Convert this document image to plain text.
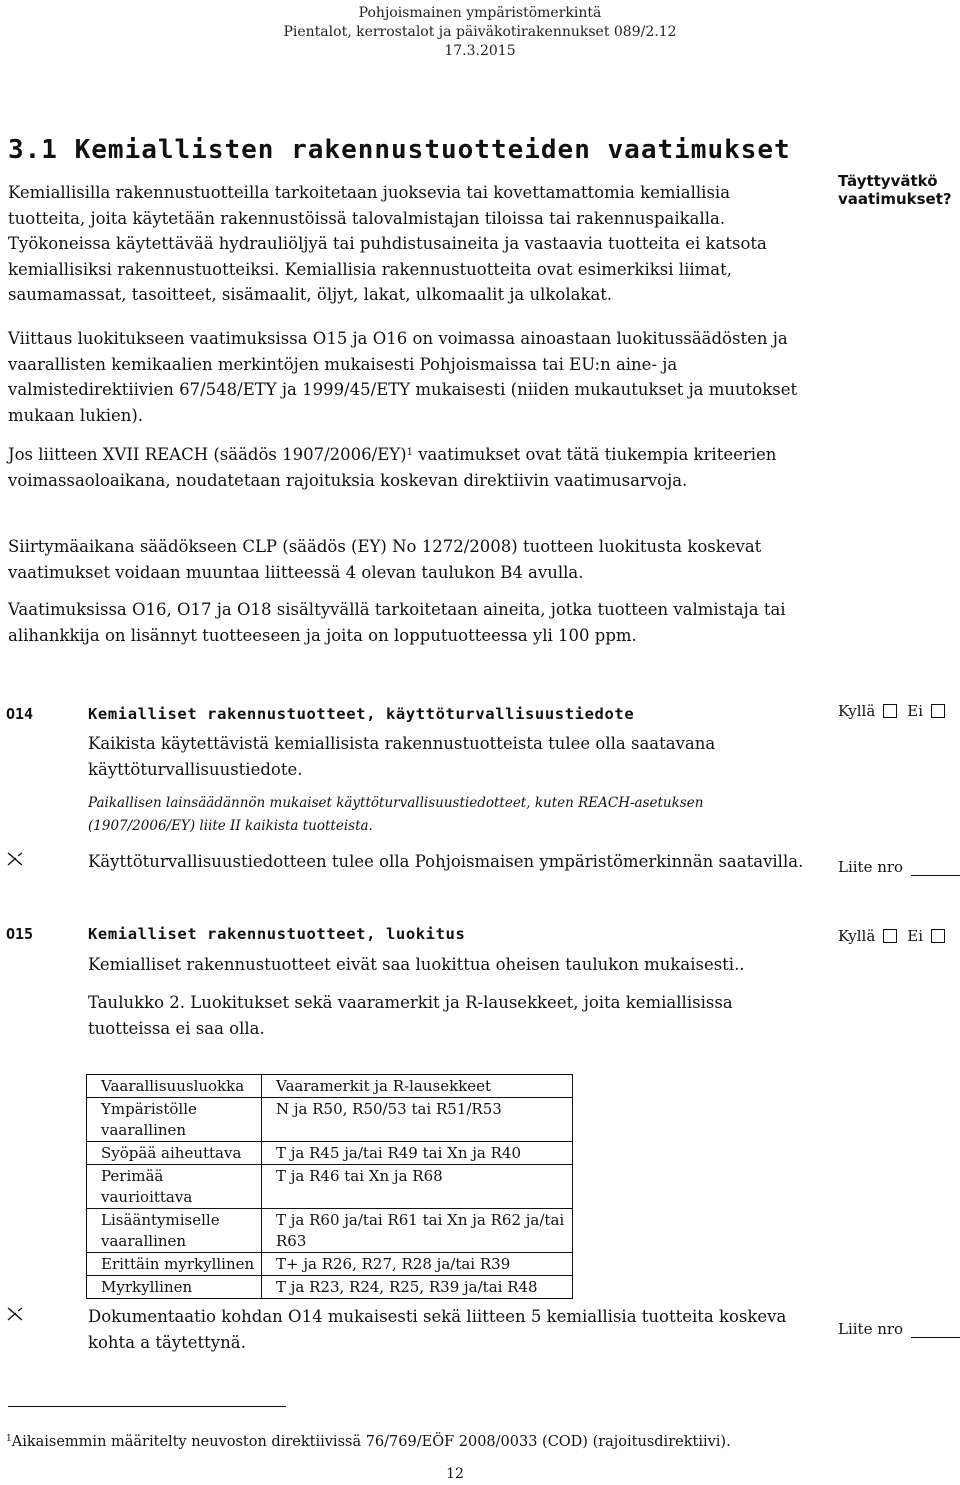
Pohjoismainen ympäristömerkintä
Pientalot, kerrostalot ja päiväkotirakennukset 089/2.12
17.3.2015
3.1 Kemiallisten rakennustuotteiden vaatimukset
Täyttyvätkö
vaatimukset?
Kemiallisilla rakennustuotteilla tarkoitetaan juoksevia tai kovettamattomia kemiallisia tuotteita, joita käytetään rakennustöissä talovalmistajan tiloissa tai rakennuspaikalla. Työkoneissa käytettävää hydrauliöljyä tai puhdistusaineita ja vastaavia tuotteita ei katsota kemiallisiksi rakennustuotteiksi. Kemiallisia rakennustuotteita ovat esimerkiksi liimat, saumamassat, tasoitteet, sisämaalit, öljyt, lakat, ulkomaalit ja ulkolakat.
Viittaus luokitukseen vaatimuksissa O15 ja O16 on voimassa ainoastaan luokitussäädösten ja vaarallisten kemikaalien merkintöjen mukaisesti Pohjoismaissa tai EU:n aine- ja valmistedirektiivien 67/548/ETY ja 1999/45/ETY mukaisesti (niiden mukautukset ja muutokset mukaan lukien).
Jos liitteen XVII REACH (säädös 1907/2006/EY)$^1$ vaatimukset ovat tätä tiukempia kriteerien voimassaoloaikana, noudatetaan rajoituksia koskevan direktiivin vaatimusarvoja.
Siirtymäaikana säädökseen CLP (säädös (EY) No 1272/2008) tuotteen luokitusta koskevat vaatimukset voidaan muuntaa liitteessä 4 olevan taulukon B4 avulla.
Vaatimuksissa O16, O17 ja O18 sisältyvällä tarkoitetaan aineita, jotka tuotteen valmistaja tai alihankkija on lisännyt tuotteeseen ja joita on lopputuotteessa yli 100 ppm.
O14	Kemialliset rakennustuotteet, käyttöturvallisuustiedote	Kyllä Ei
Kaikista käytettävistä kemiallisista rakennustuotteista tulee olla saatavana käyttöturvallisuustiedote.
Paikallisen lainsäädännön mukaiset käyttöturvallisuustiedotteet, kuten REACH-asetuksen (1907/2006/EY) liite II kaikista tuotteista.
Käyttöturvallisuustiedotteen tulee olla Pohjoismaisen ympäristömerkinnän saatavilla.	Liite nro
O15	Kemialliset rakennustuotteet, luokitus	Kyllä Ei
Kemialliset rakennustuotteet eivät saa luokittua oheisen taulukon mukaisesti..
Taulukko 2. Luokitukset sekä vaaramerkit ja R-lausekkeet, joita kemiallisissa tuotteissa ei saa olla.
Vaarallisuusluokka	Vaaramerkit ja R-lausekkeet
Ympäristölle vaarallinen	N ja R50, R50/53 tai R51/R53
Syöpää aiheuttava	T ja R45 ja/tai R49 tai Xn ja R40
Perimää vaurioittava	T ja R46 tai Xn ja R68
Lisääntymiselle vaarallinen	T ja R60 ja/tai R61 tai Xn ja R62 ja/tai R63
Erittäin myrkyllinen	T+ ja R26, R27, R28 ja/tai R39
Myrkyllinen	T ja R23, R24, R25, R39 ja/tai R48
Dokumentaatio kohdan O14 mukaisesti sekä liitteen 5 kemiallisia tuotteita koskeva kohta a täytettynä.
Liite nro
$^1$Aikaisemmin määritelty neuvoston direktiivissä 76/769/EÖF 2008/0033 (COD) (rajoitusdirektiivi).
12
